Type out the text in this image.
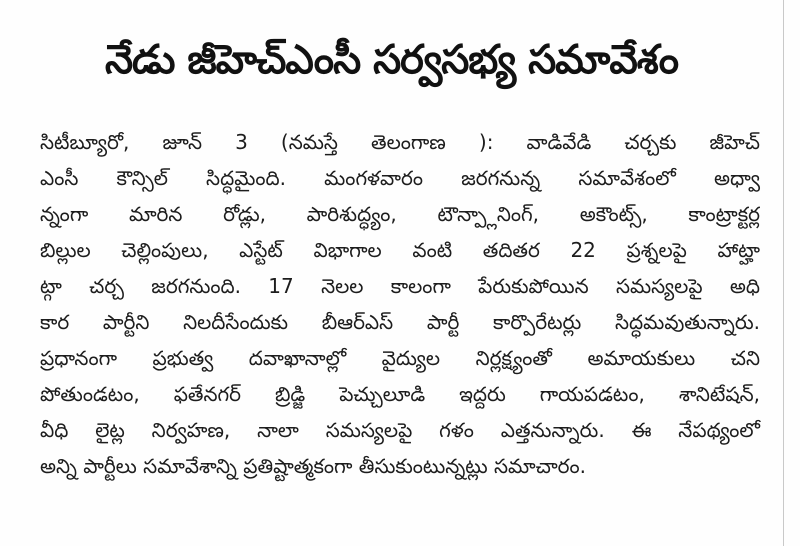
నేడు జీహెచ్ఎంసీ సర్వసభ్య సమావేశం
సిటీబ్యూరో, జూన్ 3 (నమస్తే తెలంగాణ ): వాడివేడి చర్చకు జీహెచ్
ఎంసీ కౌన్సిల్ సిద్ధమైంది. మంగళవారం జరగనున్న సమావేశంలో అధ్వా
న్నంగా మారిన రోడ్లు, పారిశుద్ధ్యం, టౌన్ప్లానింగ్, అకౌంట్స్, కాంట్రాక్టర్ల
బిల్లుల చెల్లింపులు, ఎస్టేట్ విభాగాల వంటి తదితర 22 ప్రశ్నలపై హాట్హా
ట్గా చర్చ జరగనుంది. 17 నెలల కాలంగా పేరుకుపోయిన సమస్యలపై అధి
కార పార్టీని నిలదీసేందుకు బీఆర్ఎస్ పార్టీ కార్పొరేటర్లు సిద్ధమవుతున్నారు.
ప్రధానంగా ప్రభుత్వ దవాఖానాల్లో వైద్యుల నిర్లక్ష్యంతో అమాయకులు చని
పోతుండటం, ఫతేనగర్ బ్రిడ్జి పెచ్చులూడి ఇద్దరు గాయపడటం, శానిటేషన్,
వీధి లైట్ల నిర్వహణ, నాలా సమస్యలపై గళం ఎత్తనున్నారు. ఈ నేపథ్యంలో
అన్ని పార్టీలు సమావేశాన్ని ప్రతిష్టాత్మకంగా తీసుకుంటున్నట్లు సమాచారం.
